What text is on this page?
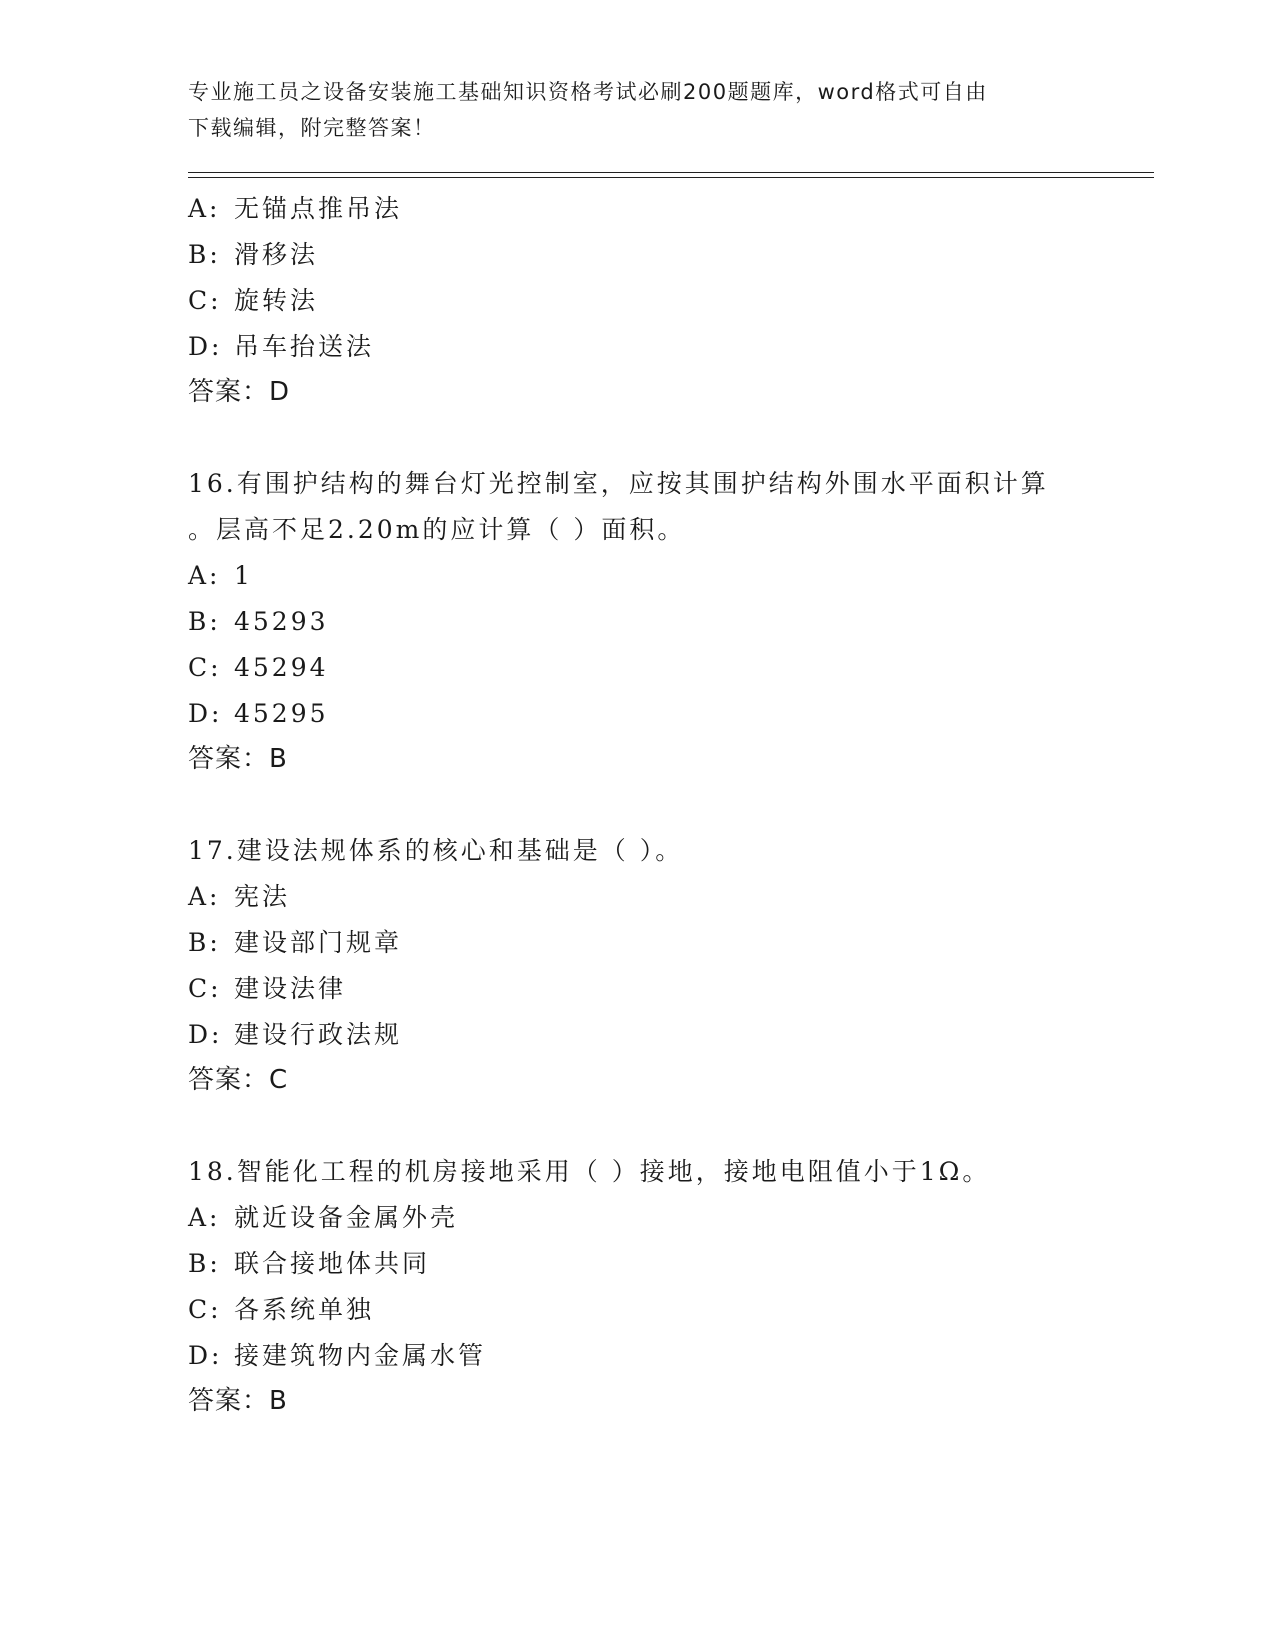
专业施工员之设备安装施工基础知识资格考试必刷200题题库，word格式可自由
下载编辑，附完整答案！

A: 无锚点推吊法

B: 滑移法

C: 旋转法

D: 吊车抬送法

答案：D

16.有围护结构的舞台灯光控制室，应按其围护结构外围水平面积计算

。层高不足2.20m的应计算（ ）面积。

A: 1

B: 45293

C: 45294

D: 45295

答案：B

17.建设法规体系的核心和基础是（ ）。

A: 宪法

B: 建设部门规章

C: 建设法律

D: 建设行政法规

答案：C

18.智能化工程的机房接地采用（ ）接地，接地电阻值小于1Ω。

A: 就近设备金属外壳

B: 联合接地体共同

C: 各系统单独

D: 接建筑物内金属水管

答案：B
